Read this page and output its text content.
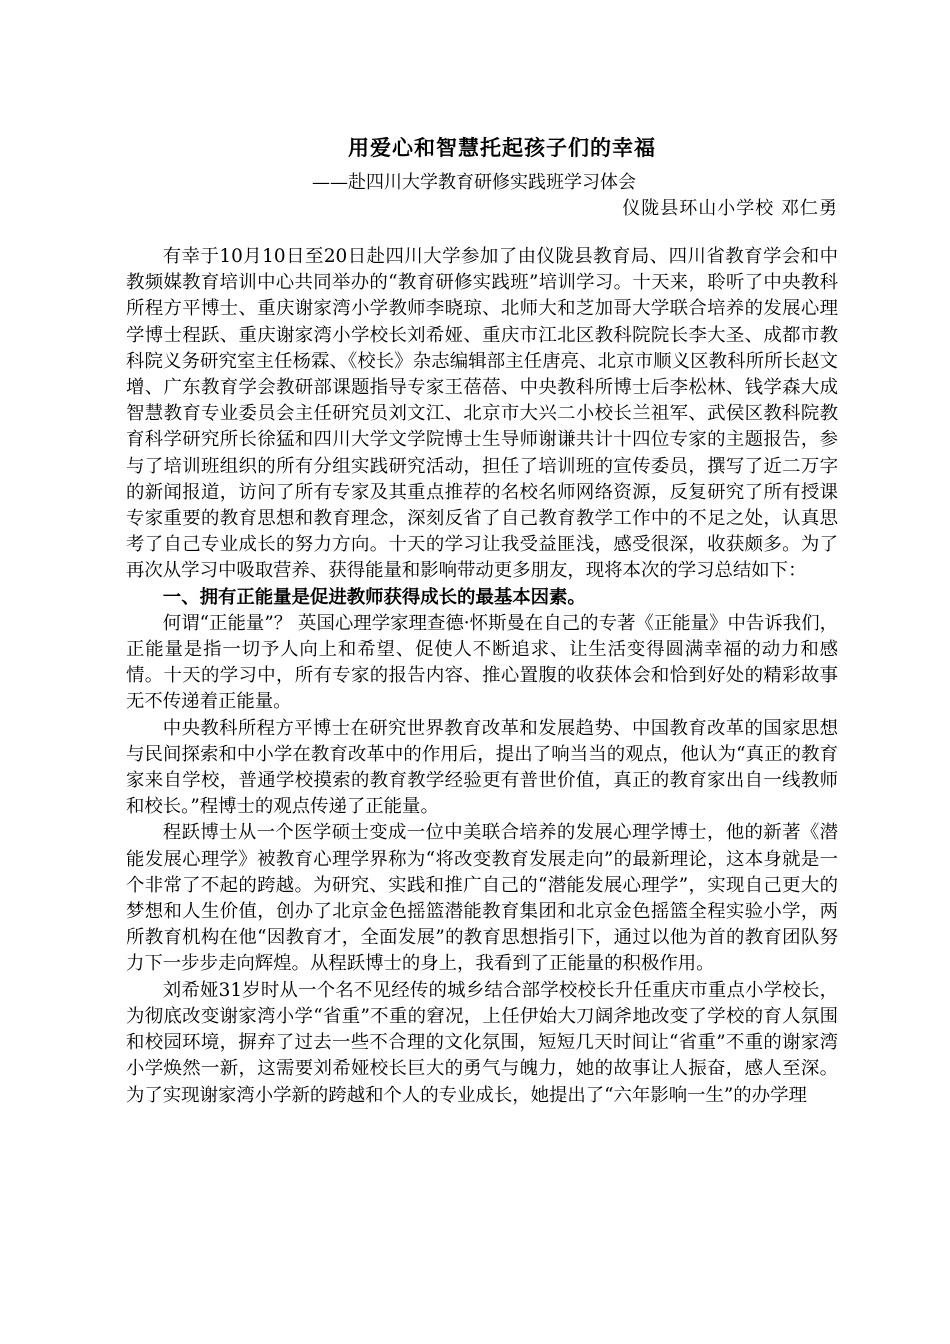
用爱心和智慧托起孩子们的幸福
——赴四川大学教育研修实践班学习体会
仪陇县环山小学校 邓仁勇

有幸于10月10日至20日赴四川大学参加了由仪陇县教育局、四川省教育学会和中教频媒教育培训中心共同举办的“教育研修实践班”培训学习。十天来，聆听了中央教科所程方平博士、重庆谢家湾小学教师李晓琼、北师大和芝加哥大学联合培养的发展心理学博士程跃、重庆谢家湾小学校长刘希娅、重庆市江北区教科院院长李大圣、成都市教科院义务研究室主任杨霖、《校长》杂志编辑部主任唐亮、北京市顺义区教科所所长赵文增、广东教育学会教研部课题指导专家王蓓蓓、中央教科所博士后李松林、钱学森大成智慧教育专业委员会主任研究员刘文江、北京市大兴二小校长兰祖军、武侯区教科院教育科学研究所长徐猛和四川大学文学院博士生导师谢谦共计十四位专家的主题报告，参与了培训班组织的所有分组实践研究活动，担任了培训班的宣传委员，撰写了近二万字的新闻报道，访问了所有专家及其重点推荐的名校名师网络资源，反复研究了所有授课专家重要的教育思想和教育理念，深刻反省了自己教育教学工作中的不足之处，认真思考了自己专业成长的努力方向。十天的学习让我受益匪浅，感受很深，收获颇多。为了再次从学习中吸取营养、获得能量和影响带动更多朋友，现将本次的学习总结如下：

一、拥有正能量是促进教师获得成长的最基本因素。

何谓“正能量”？ 英国心理学家理查德·怀斯曼在自己的专著《正能量》中告诉我们，正能量是指一切予人向上和希望、促使人不断追求、让生活变得圆满幸福的动力和感情。十天的学习中，所有专家的报告内容、推心置腹的收获体会和恰到好处的精彩故事无不传递着正能量。

中央教科所程方平博士在研究世界教育改革和发展趋势、中国教育改革的国家思想与民间探索和中小学在教育改革中的作用后，提出了响当当的观点，他认为“真正的教育家来自学校，普通学校摸索的教育教学经验更有普世价值，真正的教育家出自一线教师和校长。”程博士的观点传递了正能量。

程跃博士从一个医学硕士变成一位中美联合培养的发展心理学博士，他的新著《潜能发展心理学》被教育心理学界称为“将改变教育发展走向”的最新理论，这本身就是一个非常了不起的跨越。为研究、实践和推广自己的“潜能发展心理学”，实现自己更大的梦想和人生价值，创办了北京金色摇篮潜能教育集团和北京金色摇篮全程实验小学，两所教育机构在他“因教育才，全面发展”的教育思想指引下，通过以他为首的教育团队努力下一步步走向辉煌。从程跃博士的身上，我看到了正能量的积极作用。

刘希娅31岁时从一个名不见经传的城乡结合部学校校长升任重庆市重点小学校长，为彻底改变谢家湾小学“省重”不重的窘况，上任伊始大刀阔斧地改变了学校的育人氛围和校园环境，摒弃了过去一些不合理的文化氛围，短短几天时间让“省重”不重的谢家湾小学焕然一新，这需要刘希娅校长巨大的勇气与魄力，她的故事让人振奋，感人至深。为了实现谢家湾小学新的跨越和个人的专业成长，她提出了“六年影响一生”的办学理
